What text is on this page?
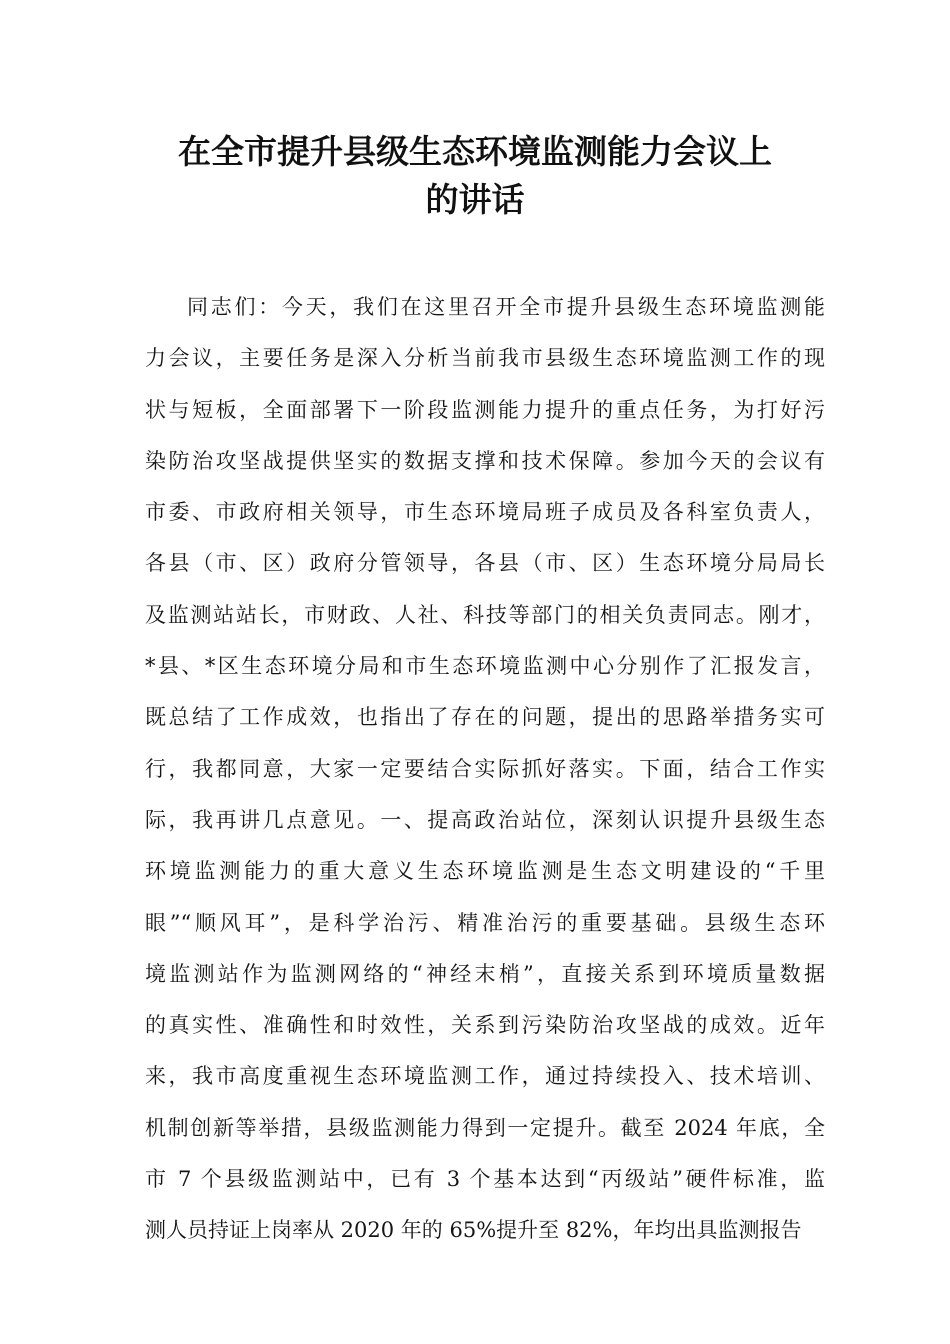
在全市提升县级生态环境监测能力会议上
的讲话
同志们：今天，我们在这里召开全市提升县级生态环境监测能
力会议，主要任务是深入分析当前我市县级生态环境监测工作的现
状与短板，全面部署下一阶段监测能力提升的重点任务，为打好污
染防治攻坚战提供坚实的数据支撑和技术保障。参加今天的会议有
市委、市政府相关领导，市生态环境局班子成员及各科室负责人，
各县（市、区）政府分管领导，各县（市、区）生态环境分局局长
及监测站站长，市财政、人社、科技等部门的相关负责同志。刚才，
*县、*区生态环境分局和市生态环境监测中心分别作了汇报发言，
既总结了工作成效，也指出了存在的问题，提出的思路举措务实可
行，我都同意，大家一定要结合实际抓好落实。下面，结合工作实
际，我再讲几点意见。一、提高政治站位，深刻认识提升县级生态
环境监测能力的重大意义生态环境监测是生态文明建设的“千里
眼”“顺风耳”，是科学治污、精准治污的重要基础。县级生态环
境监测站作为监测网络的“神经末梢”，直接关系到环境质量数据
的真实性、准确性和时效性，关系到污染防治攻坚战的成效。近年
来，我市高度重视生态环境监测工作，通过持续投入、技术培训、
机制创新等举措，县级监测能力得到一定提升。截至 2024 年底，全
市 7 个县级监测站中，已有 3 个基本达到“丙级站”硬件标准，监
测人员持证上岗率从 2020 年的 65%提升至 82%，年均出具监测报告
